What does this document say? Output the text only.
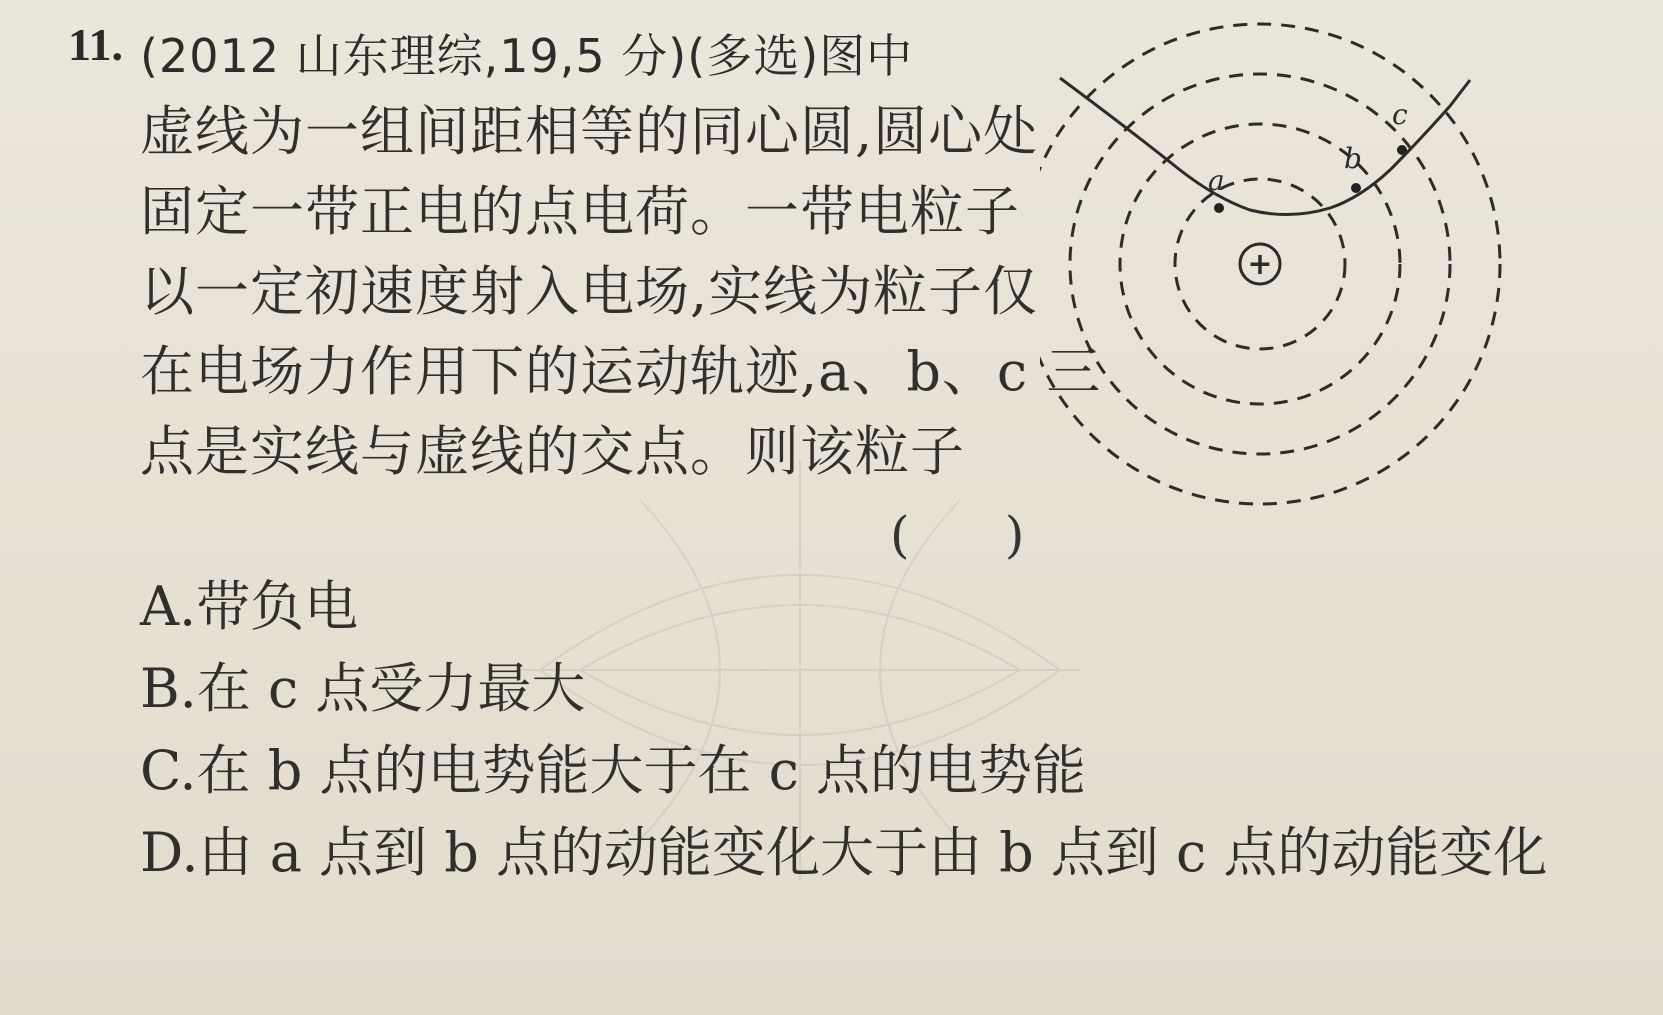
11. (2012 山东理综,19,5 分)(多选)图中
虚线为一组间距相等的同心圆,圆心处
固定一带正电的点电荷。一带电粒子
以一定初速度射入电场,实线为粒子仅
在电场力作用下的运动轨迹,a、b、c 三
点是实线与虚线的交点。则该粒子
(      )
A.带负电
B.在 c 点受力最大
C.在 b 点的电势能大于在 c 点的电势能
D.由 a 点到 b 点的动能变化大于由 b 点到 c 点的动能变化
a
b
c
+
